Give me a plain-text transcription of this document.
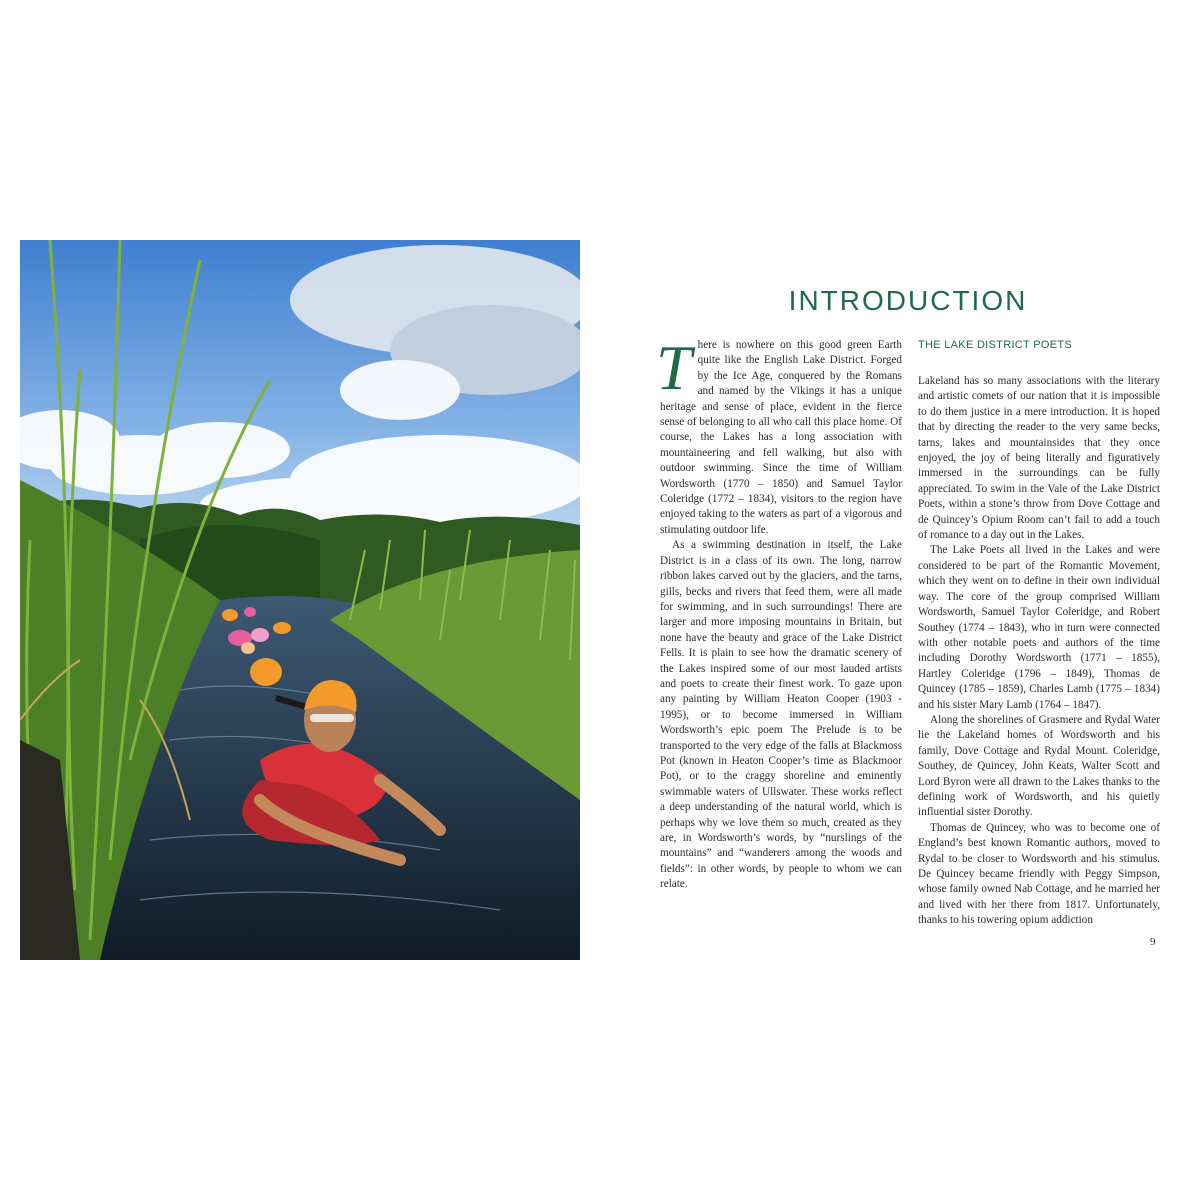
INTRODUCTION

There is nowhere on this good green Earth quite like the English Lake District. Forged by the Ice Age, conquered by the Romans and named by the Vikings it has a unique heritage and sense of place, evident in the fierce sense of belonging to all who call this place home. Of course, the Lakes has a long association with mountaineering and fell walking, but also with outdoor swimming. Since the time of William Wordsworth (1770 – 1850) and Samuel Taylor Coleridge (1772 – 1834), visitors to the region have enjoyed taking to the waters as part of a vigorous and stimulating outdoor life.

As a swimming destination in itself, the Lake District is in a class of its own. The long, narrow ribbon lakes carved out by the glaciers, and the tarns, gills, becks and rivers that feed them, were all made for swimming, and in such surroundings! There are larger and more imposing mountains in Britain, but none have the beauty and grace of the Lake District Fells. It is plain to see how the dramatic scenery of the Lakes inspired some of our most lauded artists and poets to create their finest work. To gaze upon any painting by William Heaton Cooper (1903 - 1995), or to become immersed in William Wordsworth’s epic poem The Prelude is to be transported to the very edge of the falls at Blackmoss Pot (known in Heaton Cooper’s time as Blackmoor Pot), or to the craggy shoreline and eminently swimmable waters of Ullswater. These works reflect a deep understanding of the natural world, which is perhaps why we love them so much, created as they are, in Wordsworth’s words, by “nurslings of the mountains” and “wanderers among the woods and fields”: in other words, by people to whom we can relate.

THE LAKE DISTRICT POETS

Lakeland has so many associations with the literary and artistic comets of our nation that it is impossible to do them justice in a mere introduction. It is hoped that by directing the reader to the very same becks, tarns, lakes and mountainsides that they once enjoyed, the joy of being literally and figuratively immersed in the surroundings can be fully appreciated. To swim in the Vale of the Lake District Poets, within a stone’s throw from Dove Cottage and de Quincey’s Opium Room can’t fail to add a touch of romance to a day out in the Lakes.

The Lake Poets all lived in the Lakes and were considered to be part of the Romantic Movement, which they went on to define in their own individual way. The core of the group comprised William Wordsworth, Samuel Taylor Coleridge, and Robert Southey (1774 – 1843), who in turn were connected with other notable poets and authors of the time including Dorothy Wordsworth (1771 – 1855), Hartley Coleridge (1796 – 1849), Thomas de Quincey (1785 – 1859), Charles Lamb (1775 – 1834) and his sister Mary Lamb (1764 – 1847).

Along the shorelines of Grasmere and Rydal Water lie the Lakeland homes of Wordsworth and his family, Dove Cottage and Rydal Mount. Coleridge, Southey, de Quincey, John Keats, Walter Scott and Lord Byron were all drawn to the Lakes thanks to the defining work of Wordsworth, and his quietly influential sister Dorothy.

Thomas de Quincey, who was to become one of England’s best known Romantic authors, moved to Rydal to be closer to Wordsworth and his stimulus. De Quincey became friendly with Peggy Simpson, whose family owned Nab Cottage, and he married her and lived with her there from 1817. Unfortunately, thanks to his towering opium addiction

9
